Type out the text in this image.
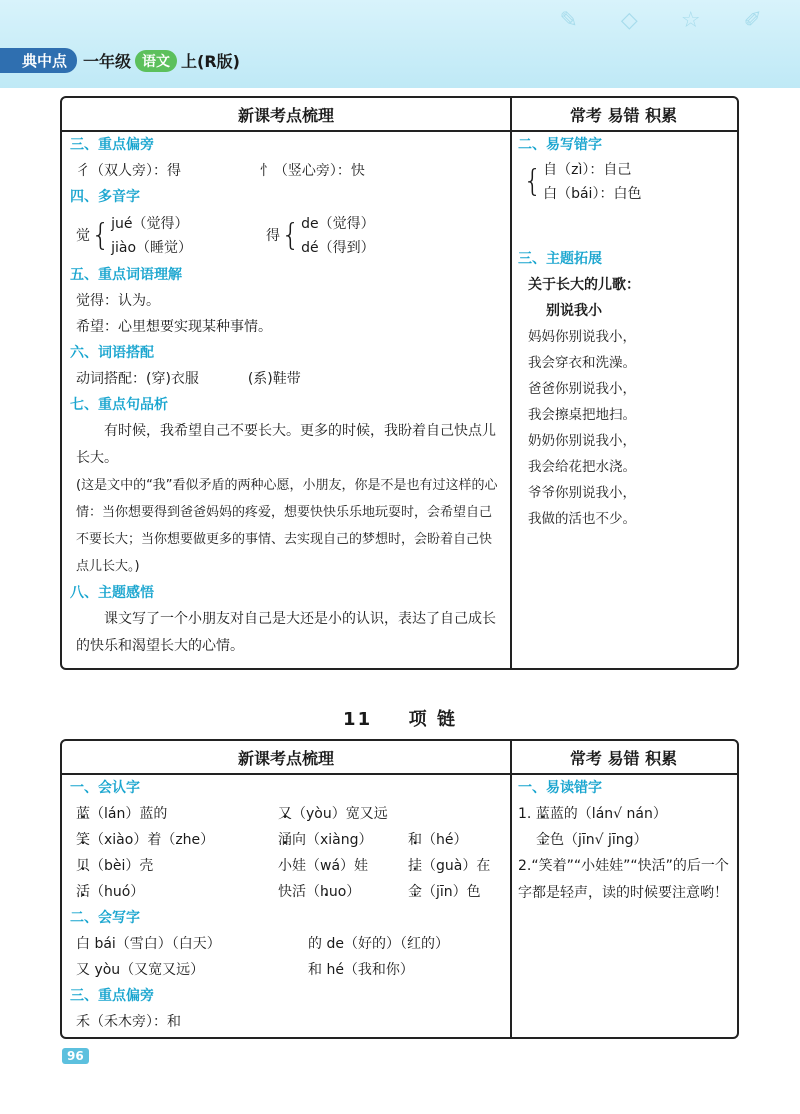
✎ ◇ ☆ ✐
典中点	一年级 语文 上(R版)
新课考点梳理	常考 易错 积累
三、重点偏旁
彳（双人旁）：得	忄（竖心旁）：快
四、多音字
觉 { jué（觉得）
jiào（睡觉）
得 { de（觉得）
dé（得到）
五、重点词语理解
觉得：认为。
希望：心里想要实现某种事情。
六、词语搭配
动词搭配：(穿)衣服	(系)鞋带
七、重点句品析
有时候，我希望自己不要长大。更多的时候，我盼着自己快点儿长大。
(这是文中的“我”看似矛盾的两种心愿，小朋友，你是不是也有过这样的心情：当你想要得到爸爸妈妈的疼爱，想要快快乐乐地玩耍时，会希望自己不要长大；当你想要做更多的事情、去实现自己的梦想时，会盼着自己快点儿长大。)
八、主题感悟
课文写了一个小朋友对自己是大还是小的认识，表达了自己成长的快乐和渴望长大的心情。
二、易写错字
{ 自（zì）：自己
白（bái）：白色
三、主题拓展
关于长大的儿歌：
别说我小
妈妈你别说我小，
我会穿衣和洗澡。
爸爸你别说我小，
我会擦桌把地扫。
奶奶你别说我小，
我会给花把水浇。
爷爷你别说我小，
我做的活也不少。
11 项 链
新课考点梳理	常考 易错 积累
一、会认字
蓝（lán）蓝的	又（yòu）宽又远
笑（xiào）着（zhe）	涌向（xiàng）	和（hé）
贝（bèi）壳	小娃（wá）娃	挂（guà）在
活（huó）	快活（huo） •	金（jīn）色
二、会写字
白 bái（雪白）（白天）	的 de（好的）（红的）
又 yòu（又宽又远）	和 hé（我和你）
三、重点偏旁
禾（禾木旁）：和
一、易读错字
1. 蓝蓝的（lán√ nán）
金色（jīn√ jīng）
2.“笑着”“小娃娃”“快活”的后一个字都是轻声，读的时候要注意哟！
96
